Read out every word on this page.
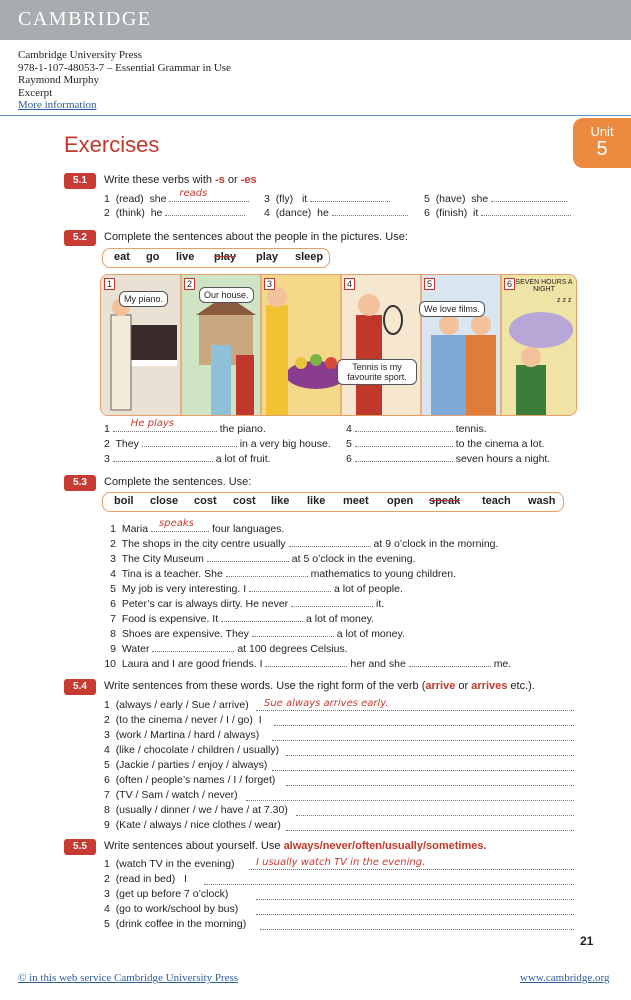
CAMBRIDGE
Cambridge University Press
978-1-107-48053-7 – Essential Grammar in Use
Raymond Murphy
Excerpt
More information
Exercises
Unit
5
5.1	Write these verbs with -s or -es
1 (read) she reads
2 (think) he
3 (fly) it
4 (dance) he
5 (have) she
6 (finish) it
5.2	Complete the sentences about the people in the pictures. Use:
eat go live play play sleep
1	2	3	4	5	6
My piano.	Our house.
Tennis is my favourite sport.
We love films.
SEVEN HOURS A NIGHT
z z z
1 He plays	the piano.
2 They	in a very big house.
3	a lot of fruit.
4	tennis.
5	to the cinema a lot.
6	seven hours a night.
5.3	Complete the sentences. Use:
boil close cost cost like like meet open speak teach wash
1 Maria speaks four languages.
2 The shops in the city centre usually	at 9 o’clock in the morning.
3 The City Museum	at 5 o’clock in the evening.
4 Tina is a teacher. She	mathematics to young children.
5 My job is very interesting. I	a lot of people.
6 Peter’s car is always dirty. He never	it.
7 Food is expensive. It	a lot of money.
8 Shoes are expensive. They	a lot of money.
9 Water	at 100 degrees Celsius.
10 Laura and I are good friends. I	her and she	me.
5.4	Write sentences from these words. Use the right form of the verb (arrive or arrives etc.).
1 (always / early / Sue / arrive) Sue always arrives early.
2 (to the cinema / never / I / go) I
3 (work / Martina / hard / always)
4 (like / chocolate / children / usually)
5 (Jackie / parties / enjoy / always)
6 (often / people’s names / I / forget)
7 (TV / Sam / watch / never)
8 (usually / dinner / we / have / at 7.30)
9 (Kate / always / nice clothes / wear)
5.5	Write sentences about yourself. Use always/never/often/usually/sometimes.
1 (watch TV in the evening) I usually watch TV in the evening.
2 (read in bed) I
3 (get up before 7 o’clock)
4 (go to work/school by bus)
5 (drink coffee in the morning)
21
© in this web service Cambridge University Press	www.cambridge.org
